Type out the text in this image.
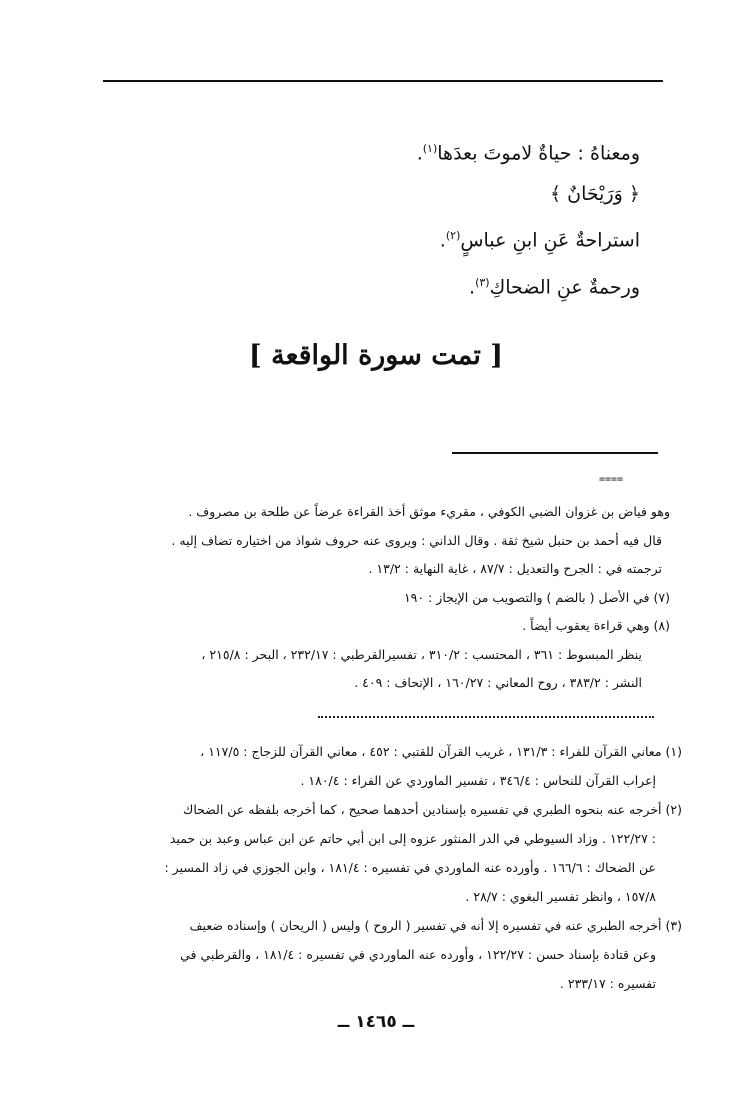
ومعناهُ : حياةٌ لاموتَ بعدَها$^{(١)}$.
﴿ وَرَيْحَانٌ ﴾
استراحةٌ عَنِ ابنِ عباسٍ$^{(٢)}$.
ورحمةٌ عنِ الضحاكِ$^{(٣)}$.
[ تمت سورة الواقعة ]
====
وهو فياض بن غزوان الضبي الكوفي ، مقريء موثق أخذ القراءة عرضاً عن طلحة بن مصروف .
قال فيه أحمد بن حنبل شيخ ثقة . وقال الداني : ويروى عنه حروف شواذ من اختياره تضاف إليه .
ترجمته في : الجرح والتعديل : ٨٧/٧ ، غاية النهاية : ١٣/٢ .
(٧) في الأصل ( بالضم ) والتصويب من الإيجاز : ١٩٠
(٨) وهي قراءة يعقوب أيضاً .
ينظر المبسوط : ٣٦١ ، المحتسب : ٣١٠/٢ ، تفسيرالقرطبي : ٢٣٢/١٧ ، البحر : ٢١٥/٨ ،
النشر : ٣٨٣/٢ ، روح المعاني : ١٦٠/٢٧ ، الإتحاف : ٤٠٩ .
(١) معاني القرآن للفراء : ١٣١/٣ ، غريب القرآن للقتبي : ٤٥٢ ، معاني القرآن للزجاج : ١١٧/٥ ،
إعراب القرآن للنحاس : ٣٤٦/٤ ، تفسير الماوردي عن الفراء : ١٨٠/٤ .
(٢) أخرجه عنه بنحوه الطبري في تفسيره بإسنادين أحدهما صحيح ، كما أخرجه بلفظه عن الضحاك
: ١٢٢/٢٧ . وزاد السيوطي في الدر المنثور عزوه إلى ابن أبي حاتم عن ابن عباس وعبد بن حميد
عن الضحاك : ١٦٦/٦ . وأورده عنه الماوردي في تفسيره : ١٨١/٤ ، وابن الجوزي في زاد المسير :
١٥٧/٨ ، وانظر تفسير البغوي : ٢٨/٧ .
(٣) أخرجه الطبري عنه في تفسيره إلا أنه في تفسير ( الروح ) وليس ( الريحان ) وإسناده ضعيف
وعن قتادة بإسناد حسن : ١٢٢/٢٧ ، وأورده عنه الماوردي في تفسيره : ١٨١/٤ ، والقرطبي في
تفسيره : ٢٣٣/١٧ .
ــ ١٤٦٥ ــ
